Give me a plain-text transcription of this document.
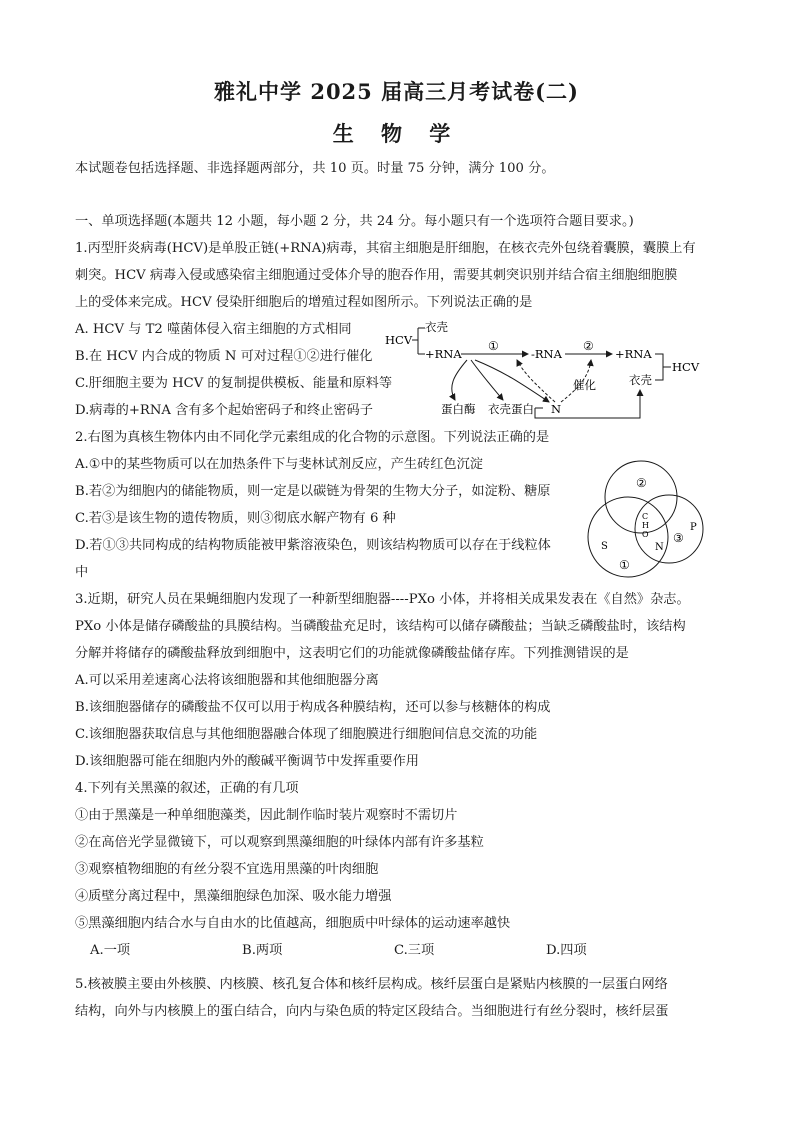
雅礼中学 2025 届高三月考试卷(二)
生 物 学
本试题卷包括选择题、非选择题两部分，共 10 页。时量 75 分钟，满分 100 分。
一、单项选择题(本题共 12 小题，每小题 2 分，共 24 分。每小题只有一个选项符合题目要求。)
1.丙型肝炎病毒(HCV)是单股正链(+RNA)病毒，其宿主细胞是肝细胞，在核衣壳外包绕着囊膜，囊膜上有
刺突。HCV 病毒入侵或感染宿主细胞通过受体介导的胞吞作用，需要其刺突识别并结合宿主细胞细胞膜
上的受体来完成。HCV 侵染肝细胞后的增殖过程如图所示。下列说法正确的是
A. HCV 与 T2 噬菌体侵入宿主细胞的方式相同
B.在 HCV 内合成的物质 N 可对过程①②进行催化
C.肝细胞主要为 HCV 的复制提供模板、能量和原料等
D.病毒的+RNA 含有多个起始密码子和终止密码子
HCV
衣壳
+RNA
①
-RNA
②
+RNA
HCV
衣壳
催化
蛋白酶 衣壳蛋白 N
2.右图为真核生物体内由不同化学元素组成的化合物的示意图。下列说法正确的是
A.①中的某些物质可以在加热条件下与斐林试剂反应，产生砖红色沉淀
B.若②为细胞内的储能物质，则一定是以碳链为骨架的生物大分子，如淀粉、糖原
C.若③是该生物的遗传物质，则③彻底水解产物有 6 种
D.若①③共同构成的结构物质能被甲紫溶液染色，则该结构物质可以存在于线粒体
中
②
①
③
C
H
O
N
S
P
3.近期，研究人员在果蝇细胞内发现了一种新型细胞器----PXo 小体，并将相关成果发表在《自然》杂志。
PXo 小体是储存磷酸盐的具膜结构。当磷酸盐充足时，该结构可以储存磷酸盐；当缺乏磷酸盐时，该结构
分解并将储存的磷酸盐释放到细胞中，这表明它们的功能就像磷酸盐储存库。下列推测错误的是
A.可以采用差速离心法将该细胞器和其他细胞器分离
B.该细胞器储存的磷酸盐不仅可以用于构成各种膜结构，还可以参与核糖体的构成
C.该细胞器获取信息与其他细胞器融合体现了细胞膜进行细胞间信息交流的功能
D.该细胞器可能在细胞内外的酸碱平衡调节中发挥重要作用
4.下列有关黑藻的叙述，正确的有几项
①由于黑藻是一种单细胞藻类，因此制作临时装片观察时不需切片
②在高倍光学显微镜下，可以观察到黑藻细胞的叶绿体内部有许多基粒
③观察植物细胞的有丝分裂不宜选用黑藻的叶肉细胞
④质壁分离过程中，黑藻细胞绿色加深、吸水能力增强
⑤黑藻细胞内结合水与自由水的比值越高，细胞质中叶绿体的运动速率越快
A.一项	B.两项	C.三项	D.四项
5.核被膜主要由外核膜、内核膜、核孔复合体和核纤层构成。核纤层蛋白是紧贴内核膜的一层蛋白网络
结构，向外与内核膜上的蛋白结合，向内与染色质的特定区段结合。当细胞进行有丝分裂时，核纤层蛋
